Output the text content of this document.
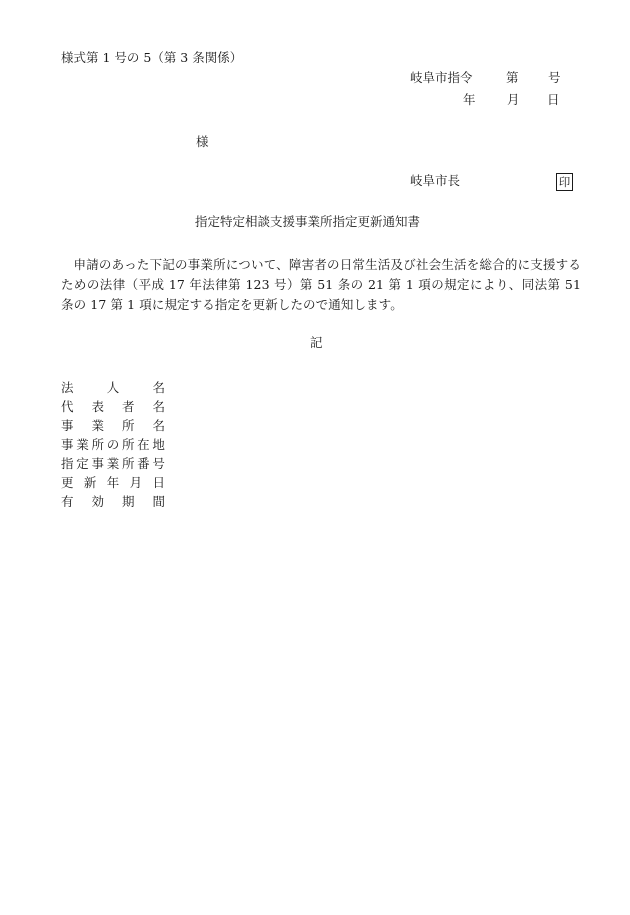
様式第 1 号の 5（第 3 条関係）
岐阜市指令	第 号
年	月 日
様
岐阜市長	印
指定特定相談支援事業所指定更新通知書
申請のあった下記の事業所について、障害者の日常生活及び社会生活を総合的に支援するための法律（平成 17 年法律第 123 号）第 51 条の 21 第 1 項の規定により、同法第 51 条の 17 第 1 項に規定する指定を更新したので通知します。
記
法	人	名
代 表 者 名
事 業 所 名
事 業 所 の 所 在 地
指 定 事 業 所 番 号
更 新 年 月 日
有 効 期 間
